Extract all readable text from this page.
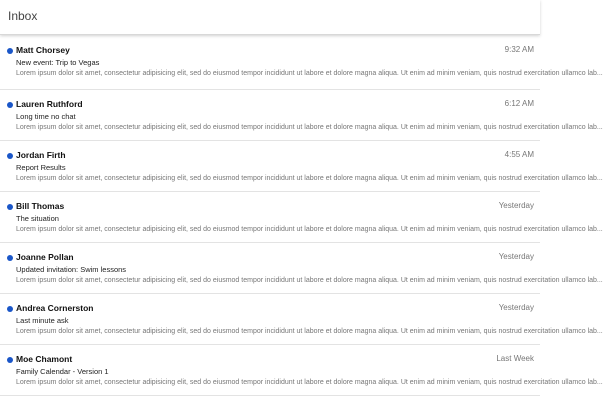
Inbox
Matt Chorsey	9:32 AM
New event: Trip to Vegas
Lorem ipsum dolor sit amet, consectetur adipisicing elit, sed do eiusmod tempor incididunt ut labore et dolore magna aliqua. Ut enim ad minim veniam, quis nostrud exercitation ullamco lab...
Lauren Ruthford	6:12 AM
Long time no chat
Lorem ipsum dolor sit amet, consectetur adipisicing elit, sed do eiusmod tempor incididunt ut labore et dolore magna aliqua. Ut enim ad minim veniam, quis nostrud exercitation ullamco lab...
Jordan Firth	4:55 AM
Report Results
Lorem ipsum dolor sit amet, consectetur adipisicing elit, sed do eiusmod tempor incididunt ut labore et dolore magna aliqua. Ut enim ad minim veniam, quis nostrud exercitation ullamco lab...
Bill Thomas	Yesterday
The situation
Lorem ipsum dolor sit amet, consectetur adipisicing elit, sed do eiusmod tempor incididunt ut labore et dolore magna aliqua. Ut enim ad minim veniam, quis nostrud exercitation ullamco lab...
Joanne Pollan	Yesterday
Updated invitation: Swim lessons
Lorem ipsum dolor sit amet, consectetur adipisicing elit, sed do eiusmod tempor incididunt ut labore et dolore magna aliqua. Ut enim ad minim veniam, quis nostrud exercitation ullamco lab...
Andrea Cornerston	Yesterday
Last minute ask
Lorem ipsum dolor sit amet, consectetur adipisicing elit, sed do eiusmod tempor incididunt ut labore et dolore magna aliqua. Ut enim ad minim veniam, quis nostrud exercitation ullamco lab...
Moe Chamont	Last Week
Family Calendar - Version 1
Lorem ipsum dolor sit amet, consectetur adipisicing elit, sed do eiusmod tempor incididunt ut labore et dolore magna aliqua. Ut enim ad minim veniam, quis nostrud exercitation ullamco lab...
